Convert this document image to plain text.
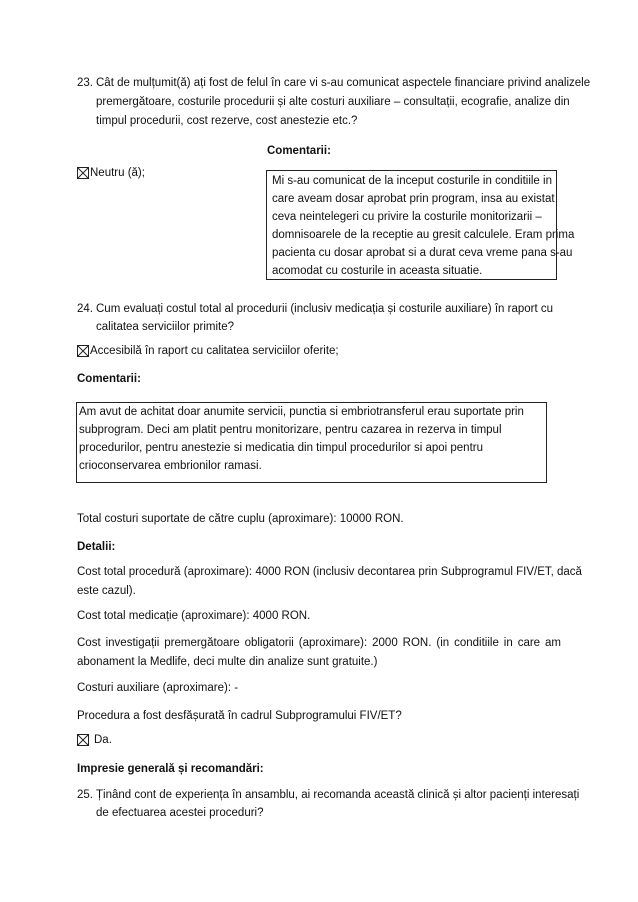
23. Cât de mulțumit(ă) ați fost de felul în care vi s-au comunicat aspectele financiare privind analizele
premergătoare, costurile procedurii și alte costuri auxiliare – consultații, ecografie, analize din
timpul procedurii, cost rezerve, cost anestezie etc.?
Comentarii:
Neutru (ă);
Mi s-au comunicat de la inceput costurile in conditiile in
care aveam dosar aprobat prin program, insa au existat
ceva neintelegeri cu privire la costurile monitorizarii –
domnisoarele de la receptie au gresit calculele. Eram prima
pacienta cu dosar aprobat si a durat ceva vreme pana s-au
acomodat cu costurile in aceasta situatie.
24. Cum evaluați costul total al procedurii (inclusiv medicația și costurile auxiliare) în raport cu
calitatea serviciilor primite?
Accesibilă în raport cu calitatea serviciilor oferite;
Comentarii:
Am avut de achitat doar anumite servicii, punctia si embriotransferul erau suportate prin
subprogram. Deci am platit pentru monitorizare, pentru cazarea in rezerva in timpul
procedurilor, pentru anestezie si medicatia din timpul procedurilor si apoi pentru
crioconservarea embrionilor ramasi.
Total costuri suportate de către cuplu (aproximare): 10000 RON.
Detalii:
Cost total procedură (aproximare): 4000 RON (inclusiv decontarea prin Subprogramul FIV/ET, dacă
este cazul).
Cost total medicație (aproximare): 4000 RON.
Cost investigații premergătoare obligatorii (aproximare): 2000 RON. (in conditiile in care am
abonament la Medlife, deci multe din analize sunt gratuite.)
Costuri auxiliare (aproximare): -
Procedura a fost desfășurată în cadrul Subprogramului FIV/ET?
Da.
Impresie generală și recomandări:
25. Ținând cont de experiența în ansamblu, ai recomanda această clinică și altor pacienți interesați
de efectuarea acestei proceduri?
